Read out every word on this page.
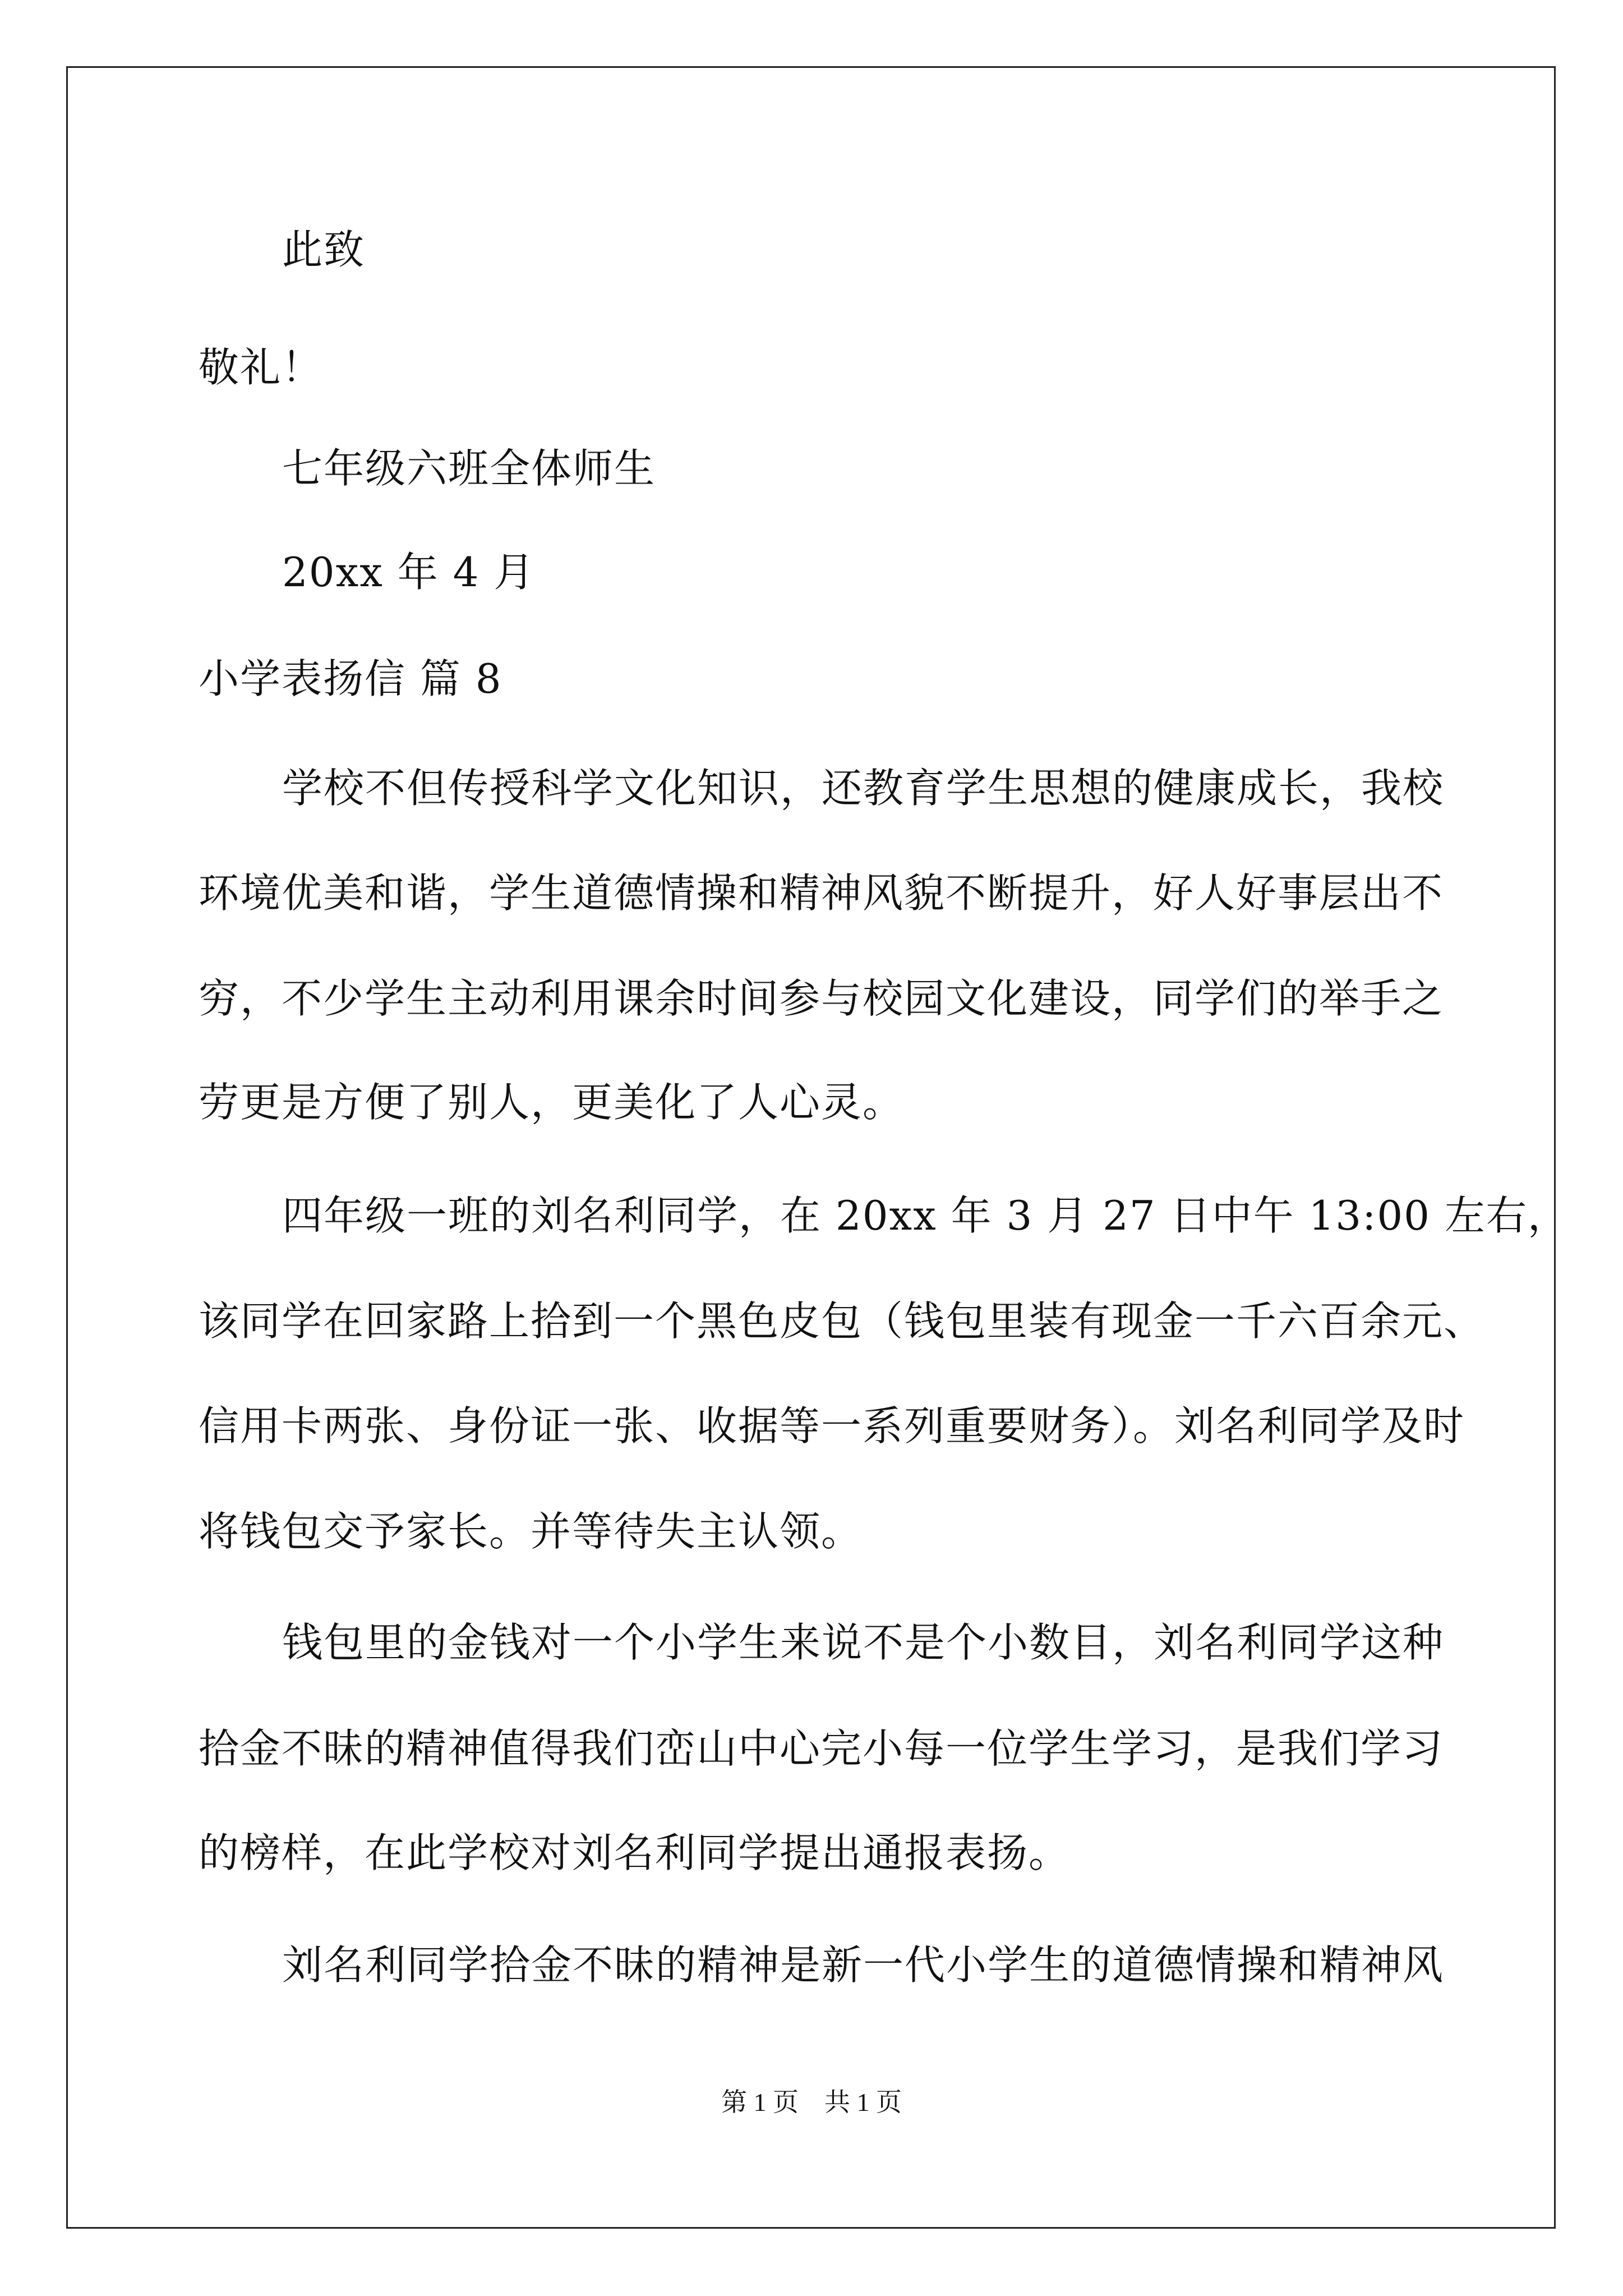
此致
敬礼！
七年级六班全体师生
20xx 年 4 月
小学表扬信 篇 8
学校不但传授科学文化知识，还教育学生思想的健康成长，我校
环境优美和谐，学生道德情操和精神风貌不断提升，好人好事层出不
穷，不少学生主动利用课余时间参与校园文化建设，同学们的举手之
劳更是方便了别人，更美化了人心灵。
四年级一班的刘名利同学，在 20xx 年 3 月 27 日中午 13:00 左右，
该同学在回家路上拾到一个黑色皮包（钱包里装有现金一千六百余元、
信用卡两张、身份证一张、收据等一系列重要财务）。刘名利同学及时
将钱包交予家长。并等待失主认领。
钱包里的金钱对一个小学生来说不是个小数目，刘名利同学这种
拾金不昧的精神值得我们峦山中心完小每一位学生学习，是我们学习
的榜样，在此学校对刘名利同学提出通报表扬。
刘名利同学拾金不昧的精神是新一代小学生的道德情操和精神风
第 1 页　共 1 页
